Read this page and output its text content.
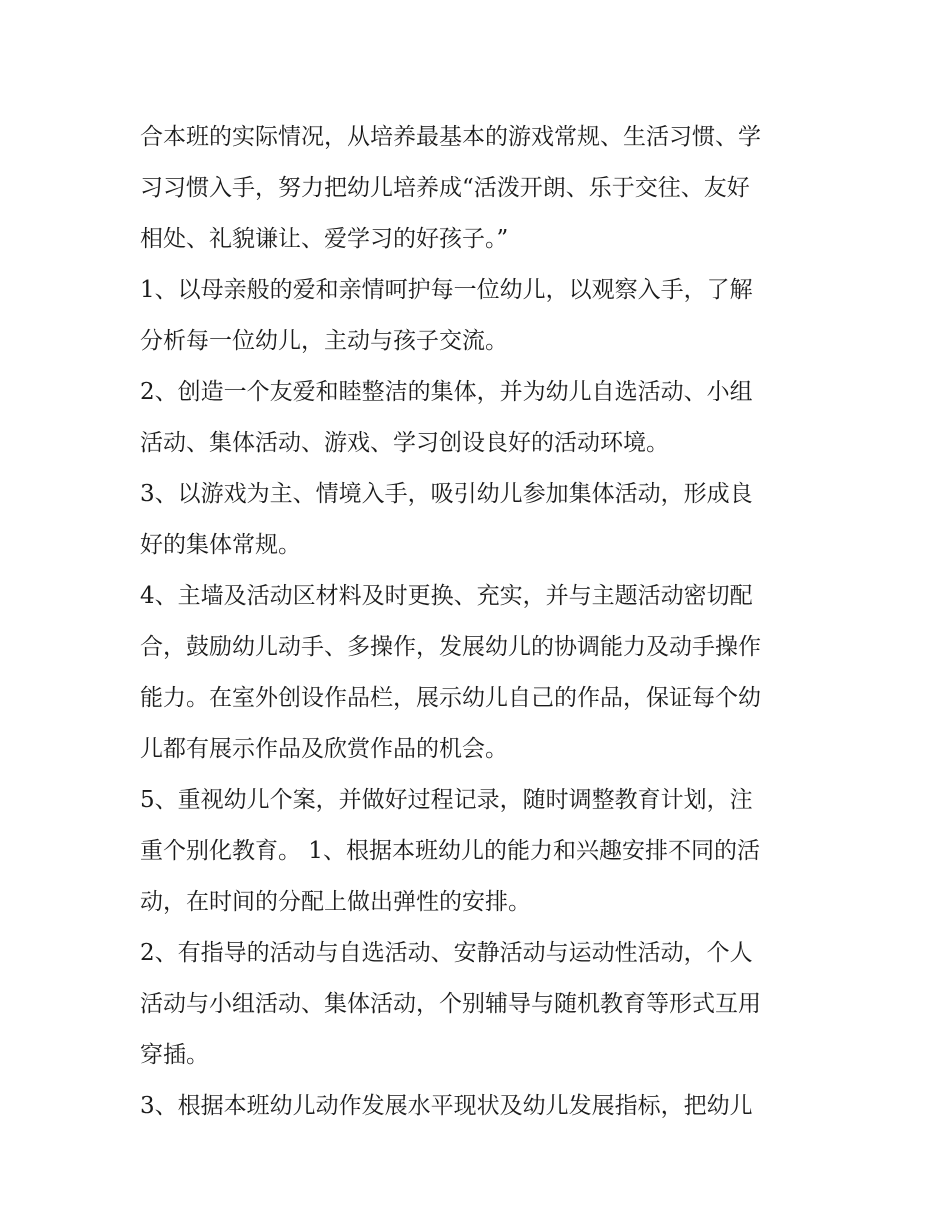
合本班的实际情况，从培养最基本的游戏常规、生活习惯、学
习习惯入手，努力把幼儿培养成“活泼开朗、乐于交往、友好
相处、礼貌谦让、爱学习的好孩子。”
1、以母亲般的爱和亲情呵护每一位幼儿，以观察入手，了解
分析每一位幼儿，主动与孩子交流。
2、创造一个友爱和睦整洁的集体，并为幼儿自选活动、小组
活动、集体活动、游戏、学习创设良好的活动环境。
3、以游戏为主、情境入手，吸引幼儿参加集体活动，形成良
好的集体常规。
4、主墙及活动区材料及时更换、充实，并与主题活动密切配
合，鼓励幼儿动手、多操作，发展幼儿的协调能力及动手操作
能力。在室外创设作品栏，展示幼儿自己的作品，保证每个幼
儿都有展示作品及欣赏作品的机会。
5、重视幼儿个案，并做好过程记录，随时调整教育计划，注
重个别化教育。 1、根据本班幼儿的能力和兴趣安排不同的活
动，在时间的分配上做出弹性的安排。
2、有指导的活动与自选活动、安静活动与运动性活动，个人
活动与小组活动、集体活动，个别辅导与随机教育等形式互用
穿插。
3、根据本班幼儿动作发展水平现状及幼儿发展指标，把幼儿
